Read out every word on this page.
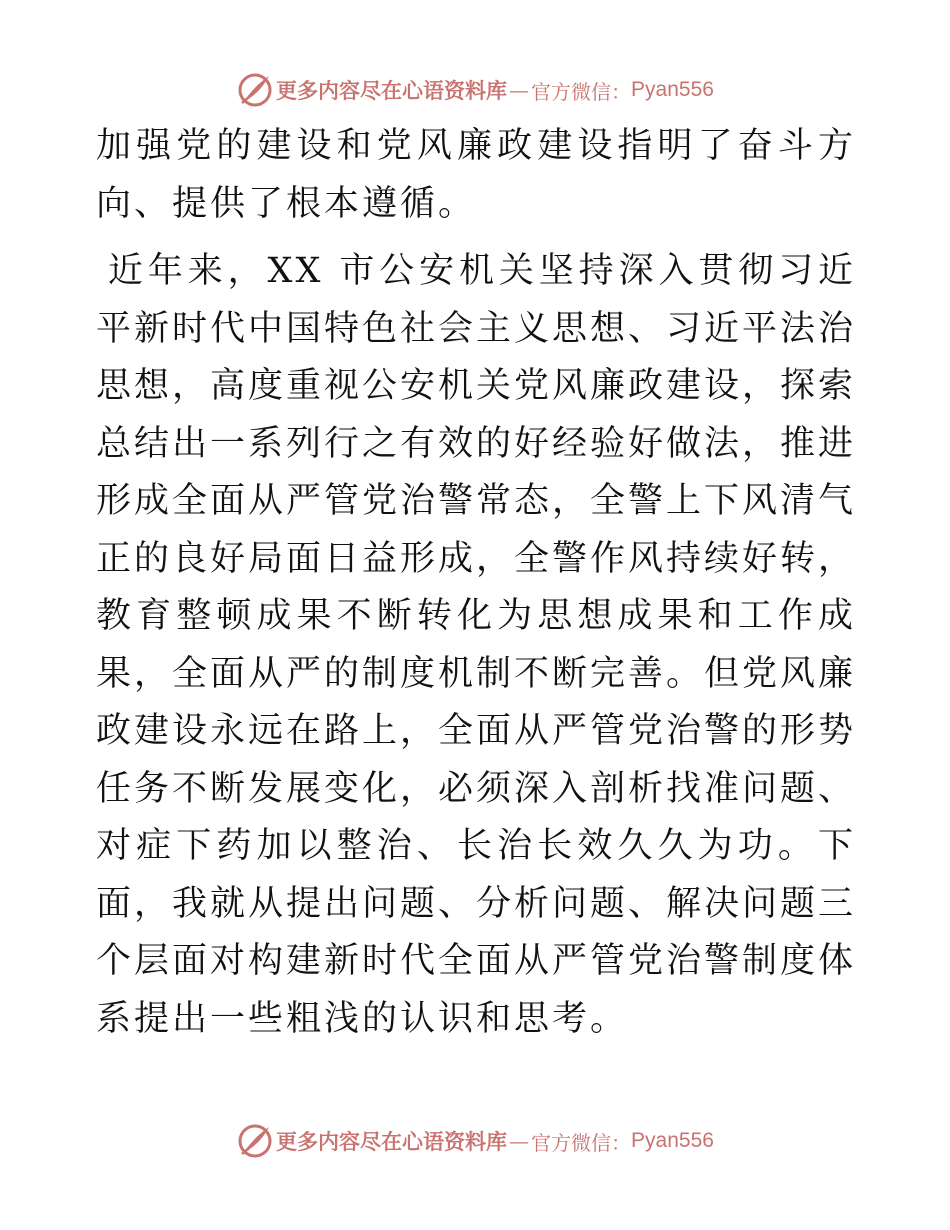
更多内容尽在心语资料库 — 官方微信： Pyan556

加强党的建设和党风廉政建设指明了奋斗方向、提供了根本遵循。

近年来，XX 市公安机关坚持深入贯彻习近平新时代中国特色社会主义思想、习近平法治思想，高度重视公安机关党风廉政建设，探索总结出一系列行之有效的好经验好做法，推进形成全面从严管党治警常态，全警上下风清气正的良好局面日益形成，全警作风持续好转，教育整顿成果不断转化为思想成果和工作成果，全面从严的制度机制不断完善。但党风廉政建设永远在路上，全面从严管党治警的形势任务不断发展变化，必须深入剖析找准问题、对症下药加以整治、长治长效久久为功。下面，我就从提出问题、分析问题、解决问题三个层面对构建新时代全面从严管党治警制度体系提出一些粗浅的认识和思考。

更多内容尽在心语资料库 — 官方微信： Pyan556
